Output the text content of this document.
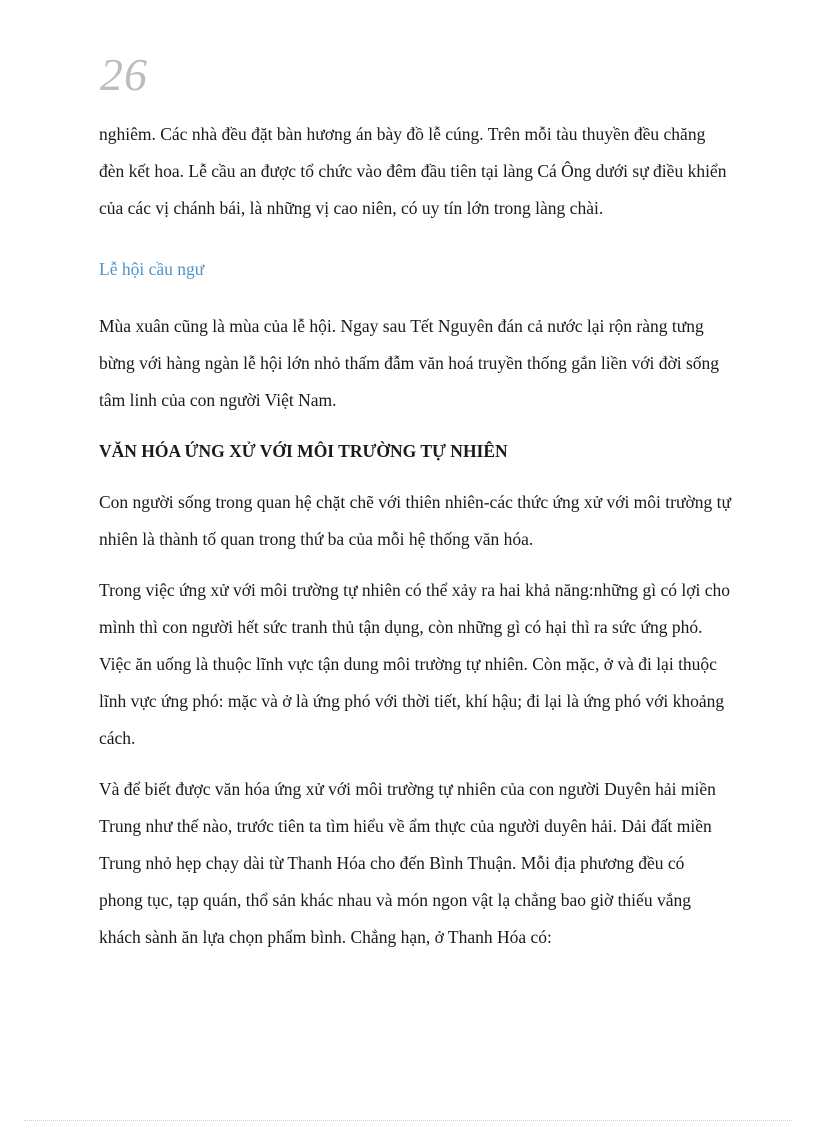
26

nghiêm. Các nhà đều đặt bàn hương án bày đồ lễ cúng. Trên mỗi tàu thuyền đều chăng đèn kết hoa. Lễ cầu an được tổ chức vào đêm đầu tiên tại làng Cá Ông dưới sự điều khiển của các vị chánh bái, là những vị cao niên, có uy tín lớn trong làng chài.

Lễ hội cầu ngư

Mùa xuân cũng là mùa của lễ hội. Ngay sau Tết Nguyên đán cả nước lại rộn ràng tưng bừng với hàng ngàn lễ hội lớn nhỏ thấm đẫm văn hoá truyền thống gắn liền với đời sống tâm linh của con người Việt Nam.

VĂN HÓA ỨNG XỬ VỚI MÔI TRƯỜNG TỰ NHIÊN

Con người sống trong quan hệ chặt chẽ với thiên nhiên-các thức ứng xử với môi trường tự nhiên là thành tố quan trong thứ ba của mỗi hệ thống văn hóa.

Trong việc ứng xử với môi trường tự nhiên có thể xảy ra hai khả năng:những gì có lợi cho mình thì con người hết sức tranh thủ tận dụng, còn những gì có hại thì ra sức ứng phó. Việc ăn uống là thuộc lĩnh vực tận dung môi trường tự nhiên. Còn mặc, ở và đi lại thuộc lĩnh vực ứng phó: mặc và ở là ứng phó với thời tiết, khí hậu; đi lại là ứng phó với khoảng cách.

Và để biết được văn hóa ứng xử với môi trường tự nhiên của con người Duyên hải miền Trung như thế nào, trước tiên ta tìm hiểu về ẩm thực của người duyên hải. Dải đất miền Trung nhỏ hẹp chạy dài từ Thanh Hóa cho đến Bình Thuận. Mỗi địa phương đều có phong tục, tạp quán, thổ sản khác nhau và món ngon vật lạ chẳng bao giờ thiếu vắng khách sành ăn lựa chọn phẩm bình. Chẳng hạn, ở Thanh Hóa có:
